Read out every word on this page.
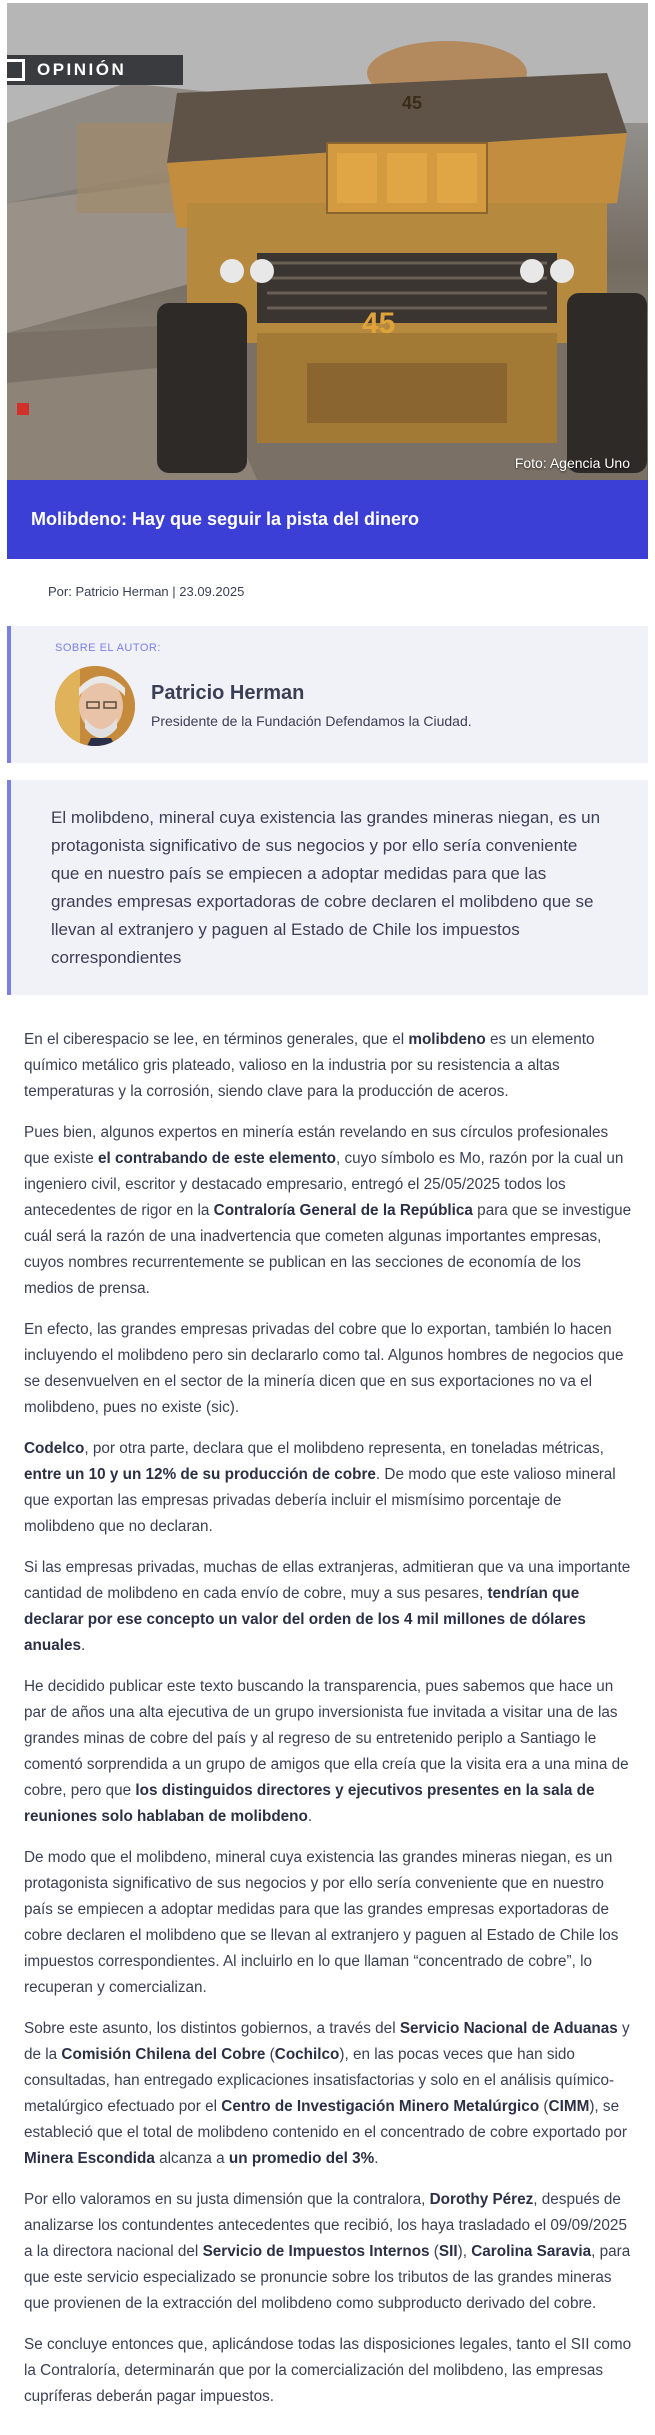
45
45
OPINIÓN
Foto: Agencia Uno
Molibdeno: Hay que seguir la pista del dinero
Por: Patricio Herman | 23.09.2025
SOBRE EL AUTOR:
Patricio Herman
Presidente de la Fundación Defendamos la Ciudad.

El molibdeno, mineral cuya existencia las grandes mineras niegan, es un protagonista significativo de sus negocios y por ello sería conveniente que en nuestro país se empiecen a adoptar medidas para que las grandes empresas exportadoras de cobre declaren el molibdeno que se llevan al extranjero y paguen al Estado de Chile los impuestos correspondientes

En el ciberespacio se lee, en términos generales, que el molibdeno es un elemento químico metálico gris plateado, valioso en la industria por su resistencia a altas temperaturas y la corrosión, siendo clave para la producción de aceros.

Pues bien, algunos expertos en minería están revelando en sus círculos profesionales que existe el contrabando de este elemento, cuyo símbolo es Mo, razón por la cual un ingeniero civil, escritor y destacado empresario, entregó el 25/05/2025 todos los antecedentes de rigor en la Contraloría General de la República para que se investigue cuál será la razón de una inadvertencia que cometen algunas importantes empresas, cuyos nombres recurrentemente se publican en las secciones de economía de los medios de prensa.

En efecto, las grandes empresas privadas del cobre que lo exportan, también lo hacen incluyendo el molibdeno pero sin declararlo como tal. Algunos hombres de negocios que se desenvuelven en el sector de la minería dicen que en sus exportaciones no va el molibdeno, pues no existe (sic).

Codelco, por otra parte, declara que el molibdeno representa, en toneladas métricas, entre un 10 y un 12% de su producción de cobre. De modo que este valioso mineral que exportan las empresas privadas debería incluir el mismísimo porcentaje de molibdeno que no declaran.

Si las empresas privadas, muchas de ellas extranjeras, admitieran que va una importante cantidad de molibdeno en cada envío de cobre, muy a sus pesares, tendrían que declarar por ese concepto un valor del orden de los 4 mil millones de dólares anuales.

He decidido publicar este texto buscando la transparencia, pues sabemos que hace un par de años una alta ejecutiva de un grupo inversionista fue invitada a visitar una de las grandes minas de cobre del país y al regreso de su entretenido periplo a Santiago le comentó sorprendida a un grupo de amigos que ella creía que la visita era a una mina de cobre, pero que los distinguidos directores y ejecutivos presentes en la sala de reuniones solo hablaban de molibdeno.

De modo que el molibdeno, mineral cuya existencia las grandes mineras niegan, es un protagonista significativo de sus negocios y por ello sería conveniente que en nuestro país se empiecen a adoptar medidas para que las grandes empresas exportadoras de cobre declaren el molibdeno que se llevan al extranjero y paguen al Estado de Chile los impuestos correspondientes. Al incluirlo en lo que llaman “concentrado de cobre”, lo recuperan y comercializan.

Sobre este asunto, los distintos gobiernos, a través del Servicio Nacional de Aduanas y de la Comisión Chilena del Cobre (Cochilco), en las pocas veces que han sido consultadas, han entregado explicaciones insatisfactorias y solo en el análisis químico-metalúrgico efectuado por el Centro de Investigación Minero Metalúrgico (CIMM), se estableció que el total de molibdeno contenido en el concentrado de cobre exportado por Minera Escondida alcanza a un promedio del 3%.

Por ello valoramos en su justa dimensión que la contralora, Dorothy Pérez, después de analizarse los contundentes antecedentes que recibió, los haya trasladado el 09/09/2025 a la directora nacional del Servicio de Impuestos Internos (SII), Carolina Saravia, para que este servicio especializado se pronuncie sobre los tributos de las grandes mineras que provienen de la extracción del molibdeno como subproducto derivado del cobre.

Se concluye entonces que, aplicándose todas las disposiciones legales, tanto el SII como la Contraloría, determinarán que por la comercialización del molibdeno, las empresas cupríferas deberán pagar impuestos.
